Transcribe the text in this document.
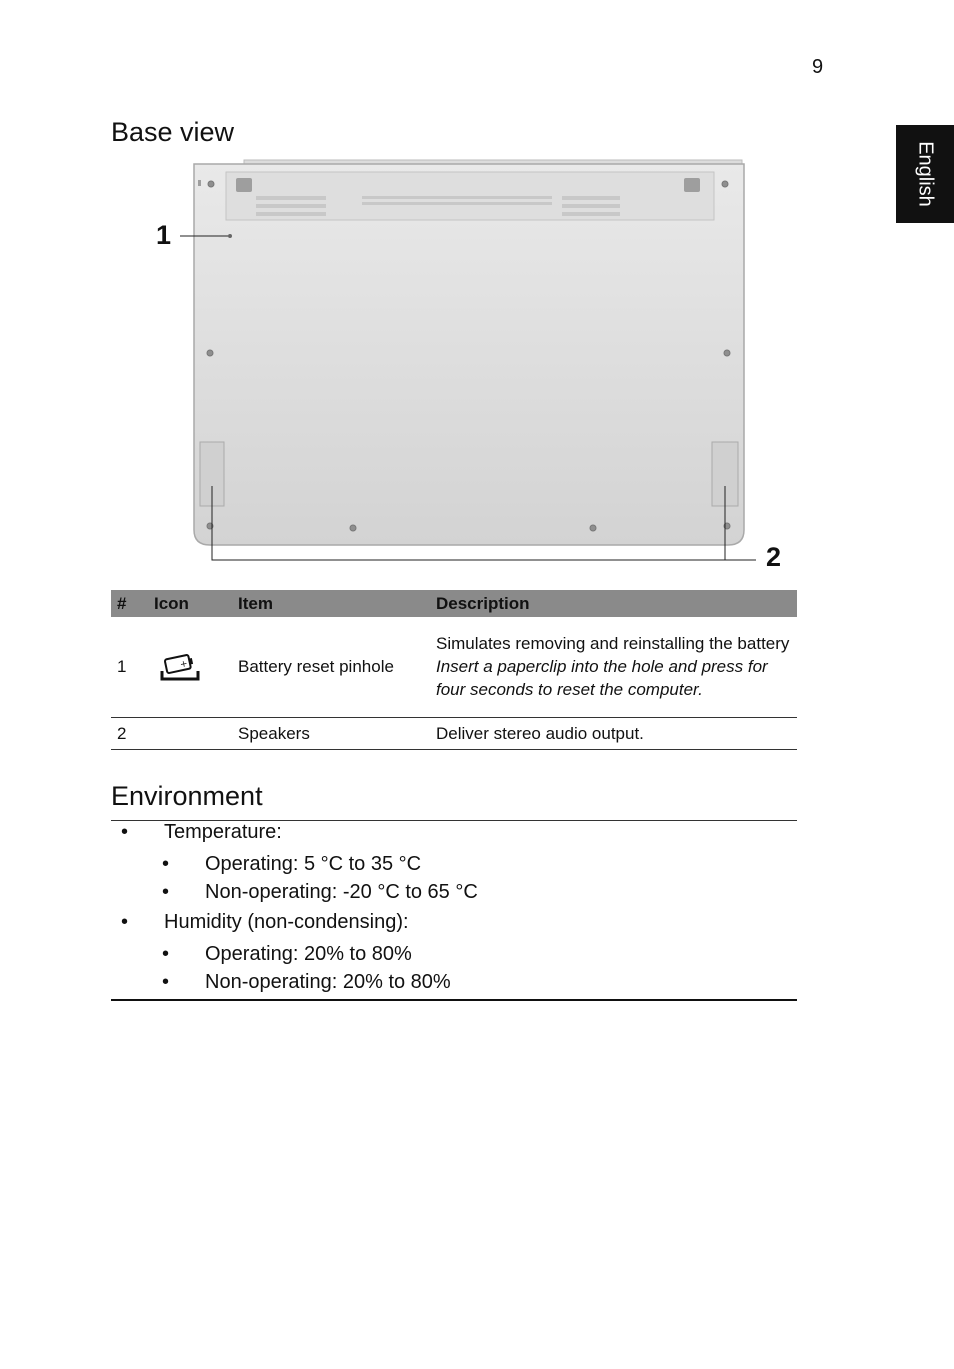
9
English
Base view
1
2
#	Icon	Item	Description
1	+	Battery reset pinhole	Simulates removing and reinstalling the battery
Insert a paperclip into the hole and press for four seconds to reset the computer.

2		Speakers	Deliver stereo audio output.
Environment
• Temperature:
• Operating: 5 °C to 35 °C
• Non-operating: -20 °C to 65 °C
• Humidity (non-condensing):
• Operating: 20% to 80%
• Non-operating: 20% to 80%
